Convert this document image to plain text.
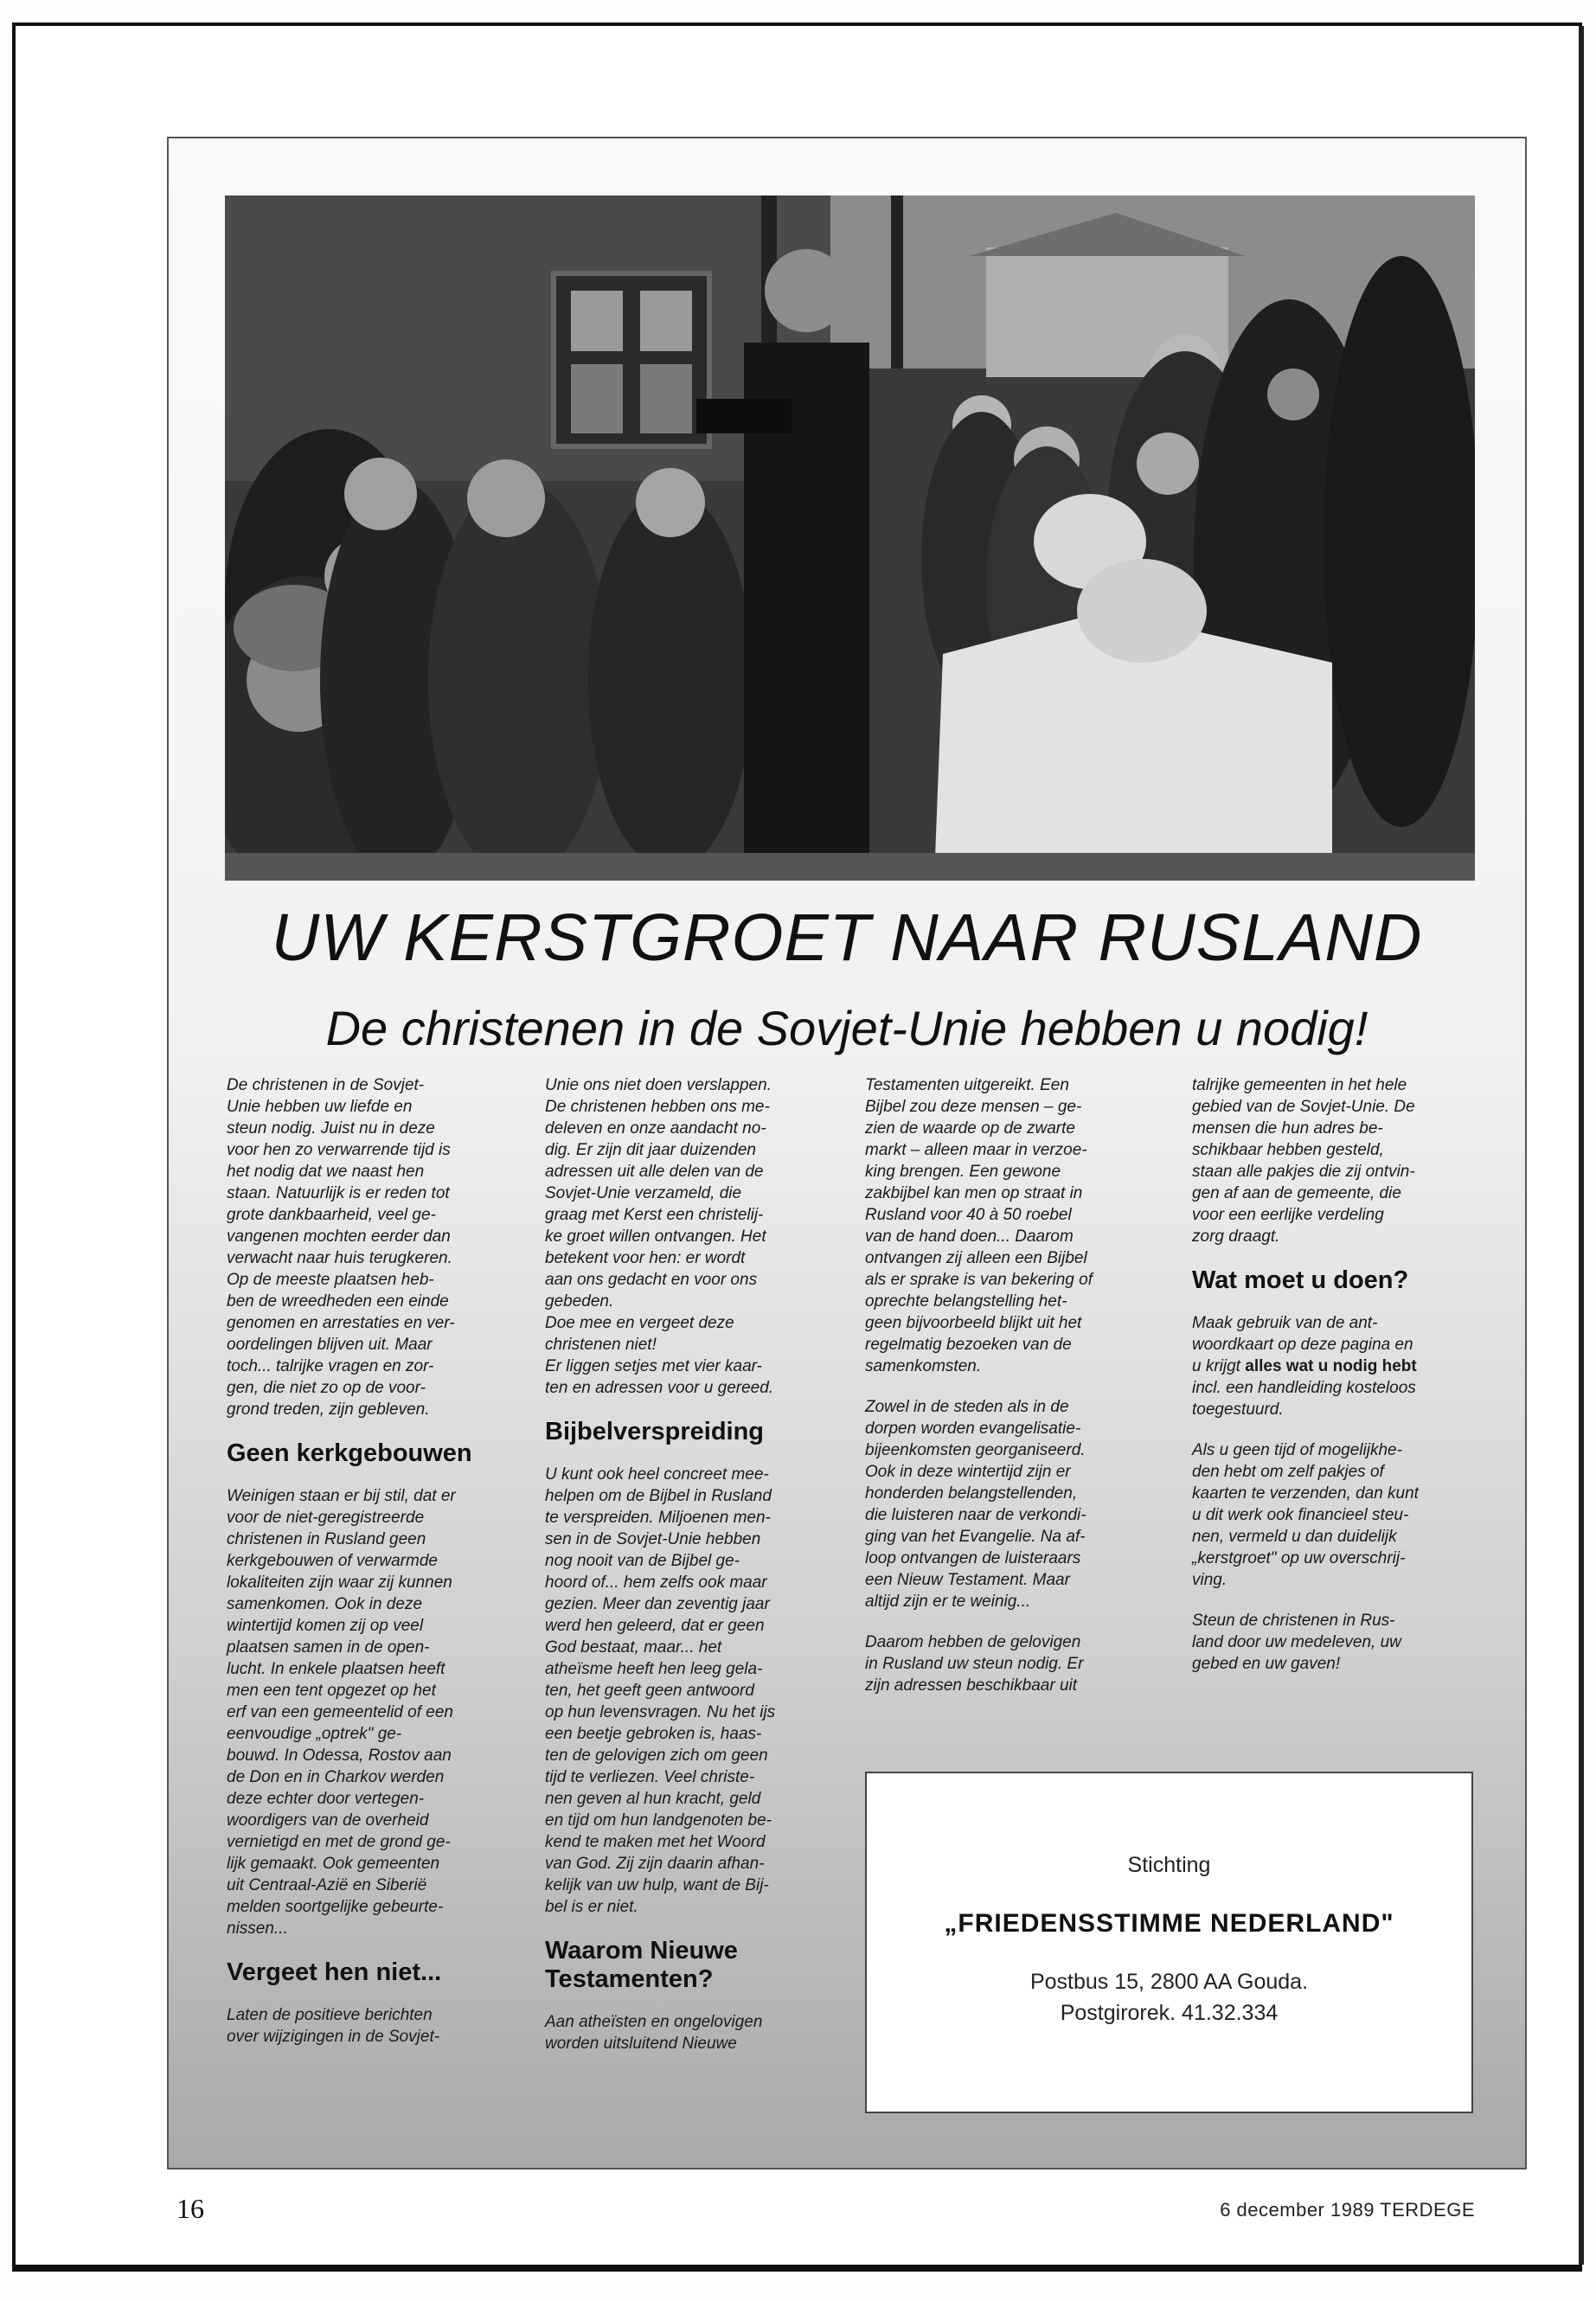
UW KERSTGROET NAAR RUSLAND
De christenen in de Sovjet-Unie hebben u nodig!

De christenen in de Sovjet-
Unie hebben uw liefde en
steun nodig. Juist nu in deze
voor hen zo verwarrende tijd is
het nodig dat we naast hen
staan. Natuurlijk is er reden tot
grote dankbaarheid, veel ge-
vangenen mochten eerder dan
verwacht naar huis terugkeren.
Op de meeste plaatsen heb-
ben de wreedheden een einde
genomen en arrestaties en ver-
oordelingen blijven uit. Maar
toch... talrijke vragen en zor-
gen, die niet zo op de voor-
grond treden, zijn gebleven.

Geen kerkgebouwen

Weinigen staan er bij stil, dat er
voor de niet-geregistreerde
christenen in Rusland geen
kerkgebouwen of verwarmde
lokaliteiten zijn waar zij kunnen
samenkomen. Ook in deze
wintertijd komen zij op veel
plaatsen samen in de open-
lucht. In enkele plaatsen heeft
men een tent opgezet op het
erf van een gemeentelid of een
eenvoudige „optrek" ge-
bouwd. In Odessa, Rostov aan
de Don en in Charkov werden
deze echter door vertegen-
woordigers van de overheid
vernietigd en met de grond ge-
lijk gemaakt. Ook gemeenten
uit Centraal-Azië en Siberië
melden soortgelijke gebeurte-
nissen...

Vergeet hen niet...

Laten de positieve berichten
over wijzigingen in de Sovjet-

Unie ons niet doen verslappen.
De christenen hebben ons me-
deleven en onze aandacht no-
dig. Er zijn dit jaar duizenden
adressen uit alle delen van de
Sovjet-Unie verzameld, die
graag met Kerst een christelij-
ke groet willen ontvangen. Het
betekent voor hen: er wordt
aan ons gedacht en voor ons
gebeden.
Doe mee en vergeet deze
christenen niet!
Er liggen setjes met vier kaar-
ten en adressen voor u gereed.

Bijbelverspreiding

U kunt ook heel concreet mee-
helpen om de Bijbel in Rusland
te verspreiden. Miljoenen men-
sen in de Sovjet-Unie hebben
nog nooit van de Bijbel ge-
hoord of... hem zelfs ook maar
gezien. Meer dan zeventig jaar
werd hen geleerd, dat er geen
God bestaat, maar... het
atheïsme heeft hen leeg gela-
ten, het geeft geen antwoord
op hun levensvragen. Nu het ijs
een beetje gebroken is, haas-
ten de gelovigen zich om geen
tijd te verliezen. Veel christe-
nen geven al hun kracht, geld
en tijd om hun landgenoten be-
kend te maken met het Woord
van God. Zij zijn daarin afhan-
kelijk van uw hulp, want de Bij-
bel is er niet.

Waarom Nieuwe Testamenten?

Aan atheïsten en ongelovigen
worden uitsluitend Nieuwe

Testamenten uitgereikt. Een
Bijbel zou deze mensen – ge-
zien de waarde op de zwarte
markt – alleen maar in verzoe-
king brengen. Een gewone
zakbijbel kan men op straat in
Rusland voor 40 à 50 roebel
van de hand doen... Daarom
ontvangen zij alleen een Bijbel
als er sprake is van bekering of
oprechte belangstelling het-
geen bijvoorbeeld blijkt uit het
regelmatig bezoeken van de
samenkomsten.

Zowel in de steden als in de
dorpen worden evangelisatie-
bijeenkomsten georganiseerd.
Ook in deze wintertijd zijn er
honderden belangstellenden,
die luisteren naar de verkondi-
ging van het Evangelie. Na af-
loop ontvangen de luisteraars
een Nieuw Testament. Maar
altijd zijn er te weinig...

Daarom hebben de gelovigen
in Rusland uw steun nodig. Er
zijn adressen beschikbaar uit

talrijke gemeenten in het hele
gebied van de Sovjet-Unie. De
mensen die hun adres be-
schikbaar hebben gesteld,
staan alle pakjes die zij ontvin-
gen af aan de gemeente, die
voor een eerlijke verdeling
zorg draagt.

Wat moet u doen?

Maak gebruik van de ant-
woordkaart op deze pagina en
u krijgt alles wat u nodig hebt
incl. een handleiding kosteloos
toegestuurd.

Als u geen tijd of mogelijkhe-
den hebt om zelf pakjes of
kaarten te verzenden, dan kunt
u dit werk ook financieel steu-
nen, vermeld u dan duidelijk
„kerstgroet" op uw overschrij-
ving.

Steun de christenen in Rus-
land door uw medeleven, uw
gebed en uw gaven!

Stichting
„FRIEDENSSTIMME NEDERLAND"
Postbus 15, 2800 AA Gouda.
Postgirorek. 41.32.334
16	6 december 1989 TERDEGE
